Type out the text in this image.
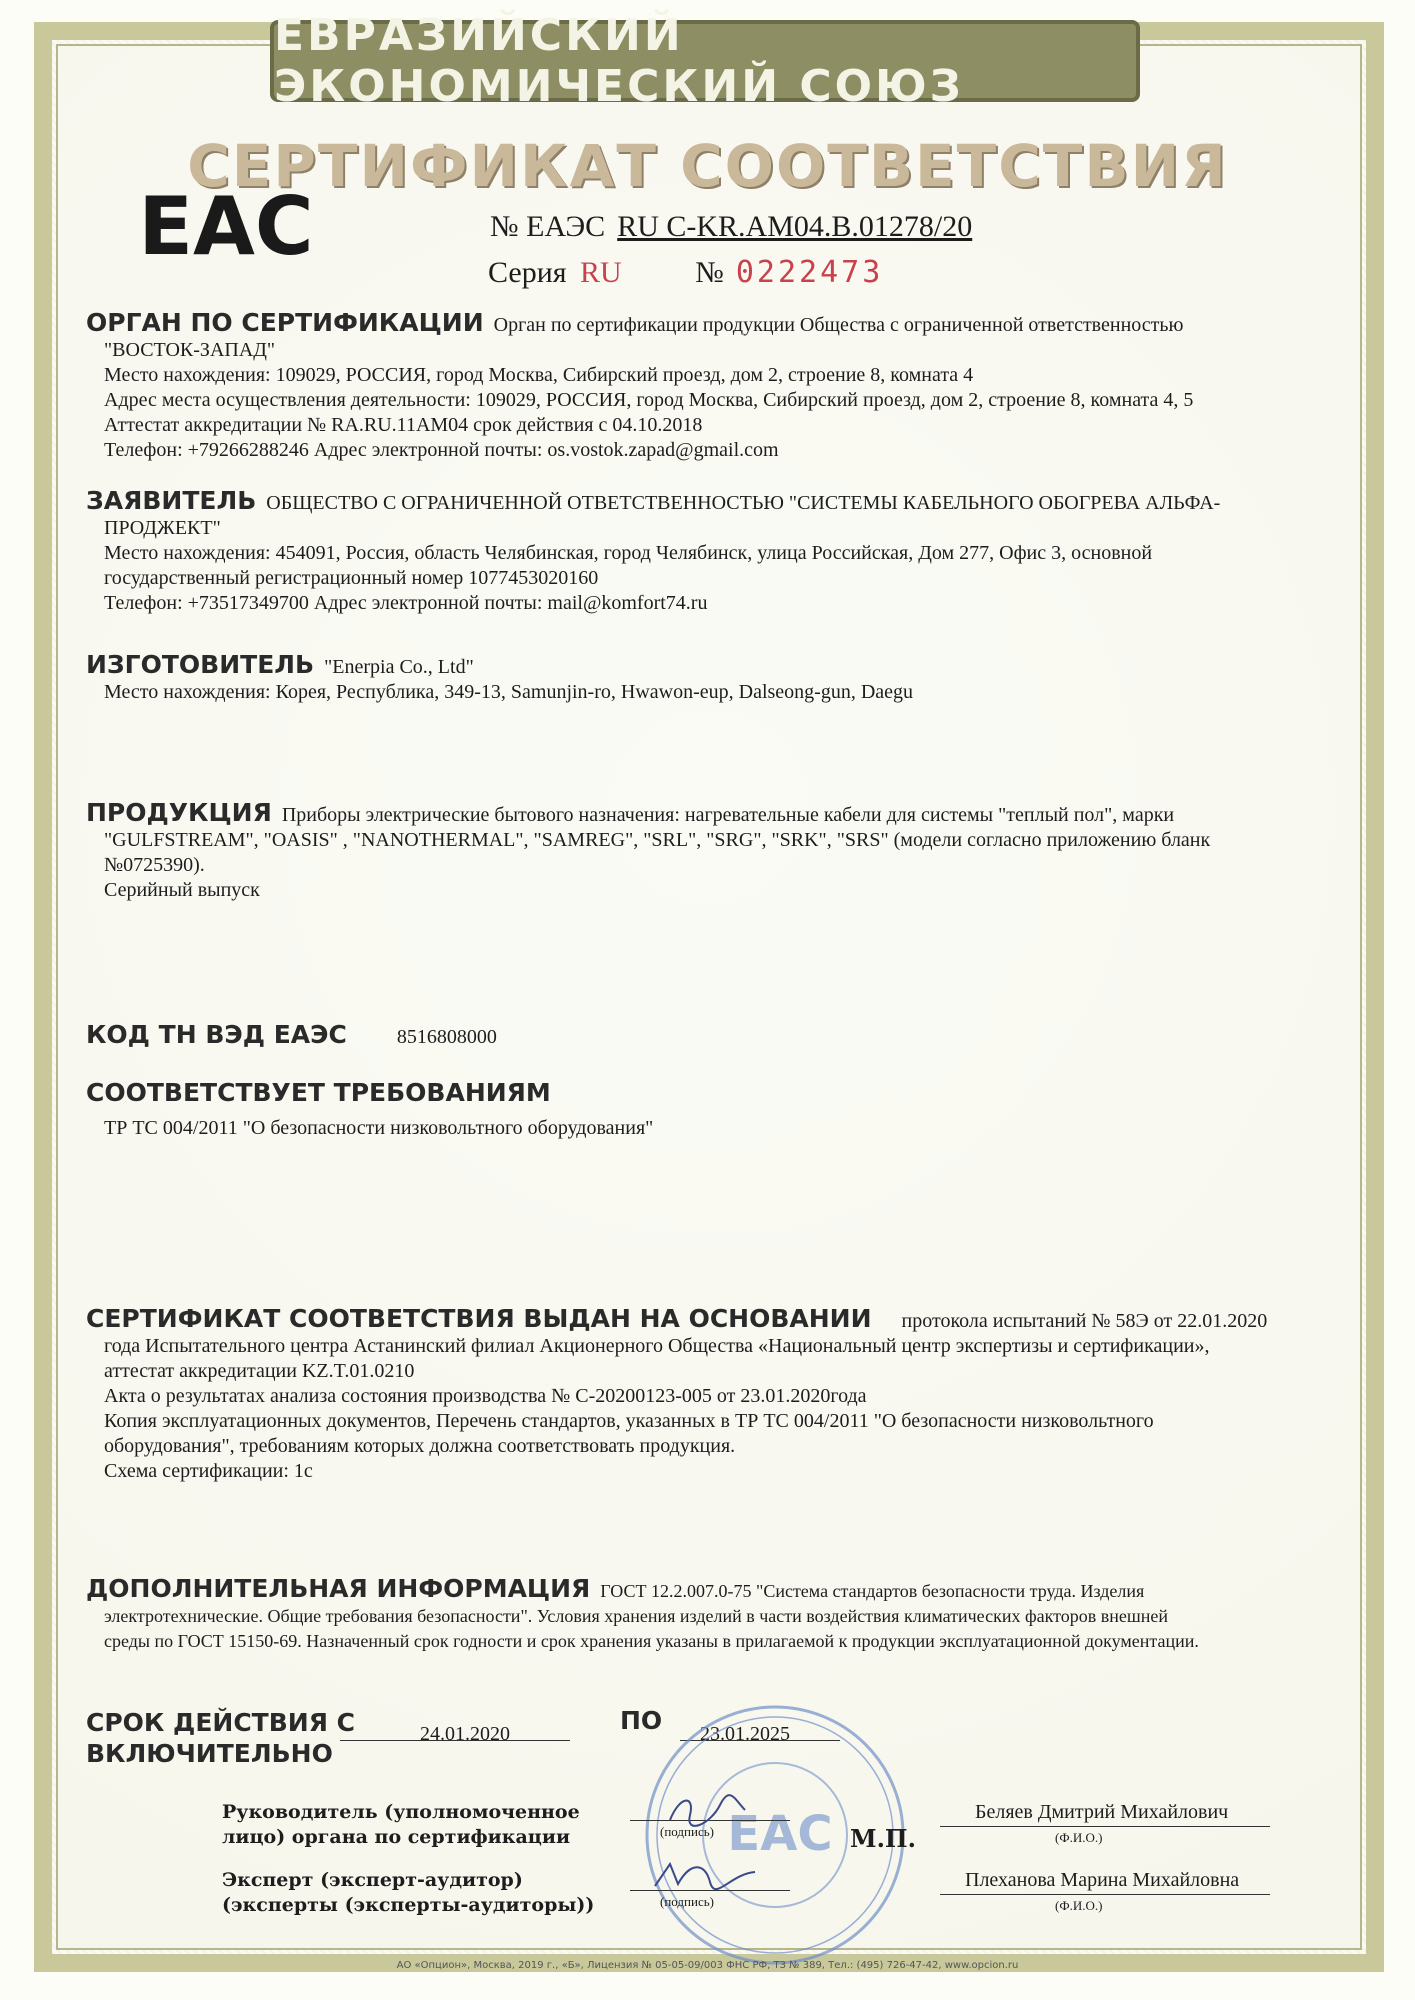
ЕВРАЗИЙСКИЙ ЭКОНОМИЧЕСКИЙ СОЮЗ
СЕРТИФИКАТ СООТВЕТСТВИЯ
EAC	№ ЕАЭС RU C-KR.АМ04.В.01278/20
Серия RU № 0222473
ОРГАН ПО СЕРТИФИКАЦИИ Орган по сертификации продукции Общества с ограниченной ответственностью
"ВОСТОК-ЗАПАД"
Место нахождения: 109029, РОССИЯ, город Москва, Сибирский проезд, дом 2, строение 8, комната 4
Адрес места осуществления деятельности: 109029, РОССИЯ, город Москва, Сибирский проезд, дом 2, строение 8, комната 4, 5
Аттестат аккредитации № RA.RU.11АМ04 срок действия с 04.10.2018
Телефон: +79266288246 Адрес электронной почты: os.vostok.zapad@gmail.com
ЗАЯВИТЕЛЬ ОБЩЕСТВО С ОГРАНИЧЕННОЙ ОТВЕТСТВЕННОСТЬЮ "СИСТЕМЫ КАБЕЛЬНОГО ОБОГРЕВА АЛЬФА-
ПРОДЖЕКТ"
Место нахождения: 454091, Россия, область Челябинская, город Челябинск, улица Российская, Дом 277, Офис 3, основной
государственный регистрационный номер 1077453020160
Телефон: +73517349700 Адрес электронной почты: mail@komfort74.ru
ИЗГОТОВИТЕЛЬ "Enerpia Co., Ltd"
Место нахождения: Корея, Республика, 349-13, Samunjin-ro, Hwawon-eup, Dalseong-gun, Daegu
ПРОДУКЦИЯ Приборы электрические бытового назначения: нагревательные кабели для системы "теплый пол", марки
"GULFSTREAM", "OASIS" , "NANOTHERMAL", "SAMREG", "SRL", "SRG", "SRK", "SRS" (модели согласно приложению бланк
№0725390).
Серийный выпуск
КОД ТН ВЭД ЕАЭС	8516808000
СООТВЕТСТВУЕТ ТРЕБОВАНИЯМ
ТР ТС 004/2011 "О безопасности низковольтного оборудования"
СЕРТИФИКАТ СООТВЕТСТВИЯ ВЫДАН НА ОСНОВАНИИ протокола испытаний № 58Э от 22.01.2020
года Испытательного центра Астанинский филиал Акционерного Общества «Национальный центр экспертизы и сертификации»,
аттестат аккредитации KZ.T.01.0210
Акта о результатах анализа состояния производства № С-20200123-005 от 23.01.2020года
Копия эксплуатационных документов, Перечень стандартов, указанных в ТР ТС 004/2011 "О безопасности низковольтного
оборудования", требованиям которых должна соответствовать продукция.
Схема сертификации: 1с
ДОПОЛНИТЕЛЬНАЯ ИНФОРМАЦИЯ ГОСТ 12.2.007.0-75 "Система стандартов безопасности труда. Изделия
электротехнические. Общие требования безопасности". Условия хранения изделий в части воздействия климатических факторов внешней
среды по ГОСТ 15150-69. Назначенный срок годности и срок хранения указаны в прилагаемой к продукции эксплуатационной документации.
СРОК ДЕЙСТВИЯ С
ВКЛЮЧИТЕЛЬНО
24.01.2020	ПО	23.01.2025
EAC
Руководитель (уполномоченное
лицо) органа по сертификации	(подпись)	М.П.
Беляев Дмитрий Михайлович
(Ф.И.О.)
Эксперт (эксперт-аудитор)
(эксперты (эксперты-аудиторы))	(подпись)
Плеханова Марина Михайловна
(Ф.И.О.)
АО «Опцион», Москва, 2019 г., «Б», Лицензия № 05-05-09/003 ФНС РФ, ТЗ № 389, Тел.: (495) 726-47-42, www.opcion.ru
